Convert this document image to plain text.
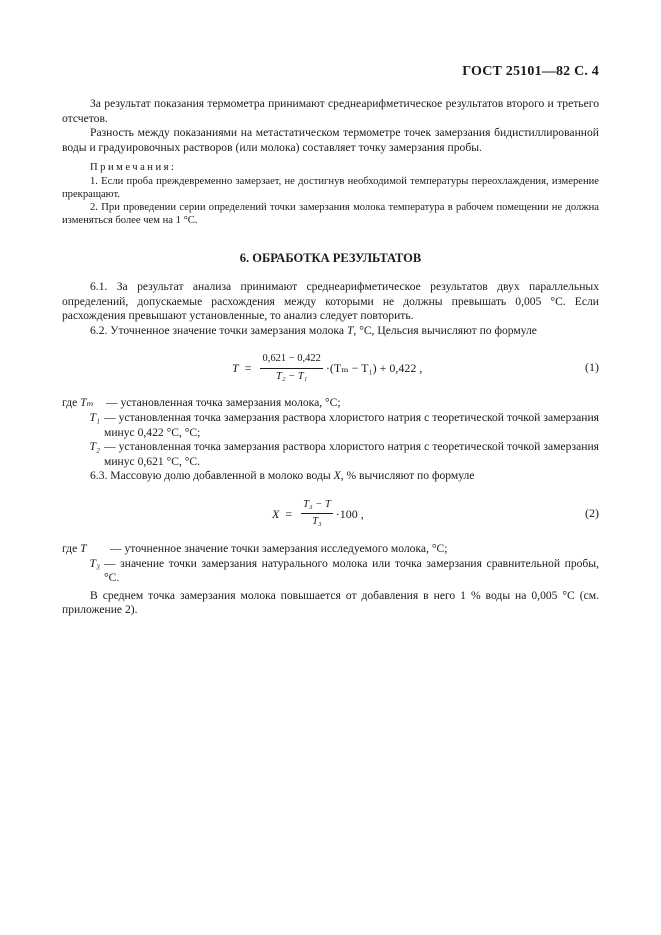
ГОСТ 25101—82 С. 4

За результат показания термометра принимают среднеарифметическое результатов второго и третьего отсчетов.

Разность между показаниями на метастатическом термометре точек замерзания бидистиллированной воды и градуировочных растворов (или молока) составляет точку замерзания пробы.

Примечания:

1. Если проба преждевременно замерзает, не достигнув необходимой температуры переохлаждения, измерение прекращают.

2. При проведении серии определений точки замерзания молока температура в рабочем помещении не должна изменяться более чем на 1 °С.

6. ОБРАБОТКА РЕЗУЛЬТАТОВ

6.1. За результат анализа принимают среднеарифметическое результатов двух параллельных определений, допускаемые расхождения между которыми не должны превышать 0,005 °С. Если расхождения превышают установленные, то анализ следует повторить.

6.2. Уточненное значение точки замерзания молока Т, °С, Цельсия вычисляют по формуле

$T = \frac{0,621 - 0,422}{\text{T₂ − T₁}} \cdot(T_m - T_1) + 0,422$ ,	(1)
где Tₘ	— установленная точка замерзания молока, °С;
T₁ — установленная точка замерзания раствора хлористого натрия с теоретической точкой замерзания минус 0,422 °С, °С;
T₂ — установленная точка замерзания раствора хлористого натрия с теоретической точкой замерзания минус 0,621 °С, °С.

6.3. Массовую долю добавленной в молоко воды X, % вычисляют по формуле

$X = \frac{\text{T₃ − T}}{\text{T₃}} \cdot 100$ ,	(2)
где T	— уточненное значение точки замерзания исследуемого молока, °С;
T₃ — значение точки замерзания натурального молока или точка замерзания сравнительной пробы, °С.

В среднем точка замерзания молока повышается от добавления в него 1 % воды на 0,005 °С (см. приложение 2).
